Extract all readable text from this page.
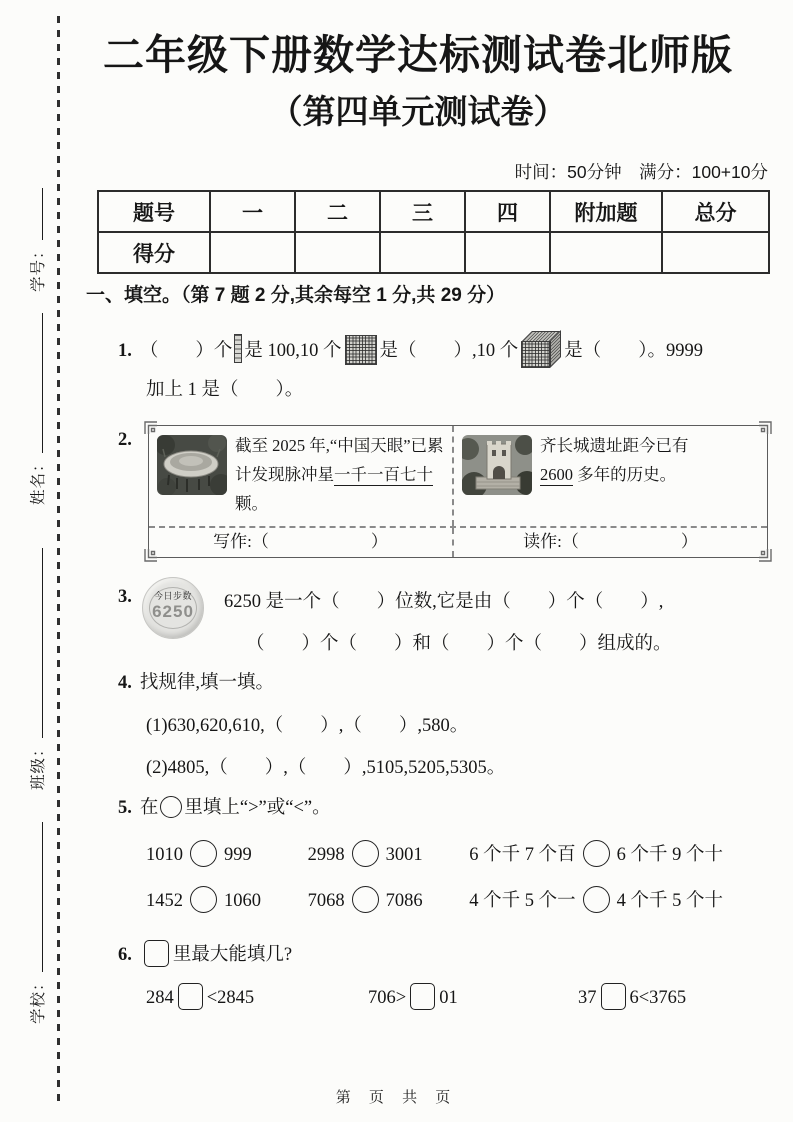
学号：
姓名：
班级：
学校：
二年级下册数学达标测试卷北师版
（第四单元测试卷）
时间：50分钟　满分：100+10分
题号	一	二	三	四	附加题	总分
得分						
一、填空。（第 7 题 2 分,其余每空 1 分,共 29 分）
1. （　　）个 是 100,10 个 是（　　）,10 个 是（　　）。9999
加上 1 是（　　）。
2.	截至 2025 年,“中国天眼”已累计发现脉冲星一千一百七十颗。
齐长城遗址距今已有 2600 多年的历史。
写作:（　　　　　　）	读作:（　　　　　　）
3.	今日步数
6250 6250 是一个（　　）位数,它是由（　　）个（　　）,
（　　）个（　　）和（　　）个（　　）组成的。
4. 找规律,填一填。
(1)630,620,610,（　　）,（　　）,580。
(2)4805,（　　）,（　　）,5105,5205,5305。
5. 在 里填上“>”或“<”。
1010 999	2998 3001	6 个千 7 个百 6 个千 9 个十
1452 1060	7068 7086	4 个千 5 个一 4 个千 5 个十
6. 里最大能填几?
284 <2845	706> 01	37 6<3765
第 页 共 页
